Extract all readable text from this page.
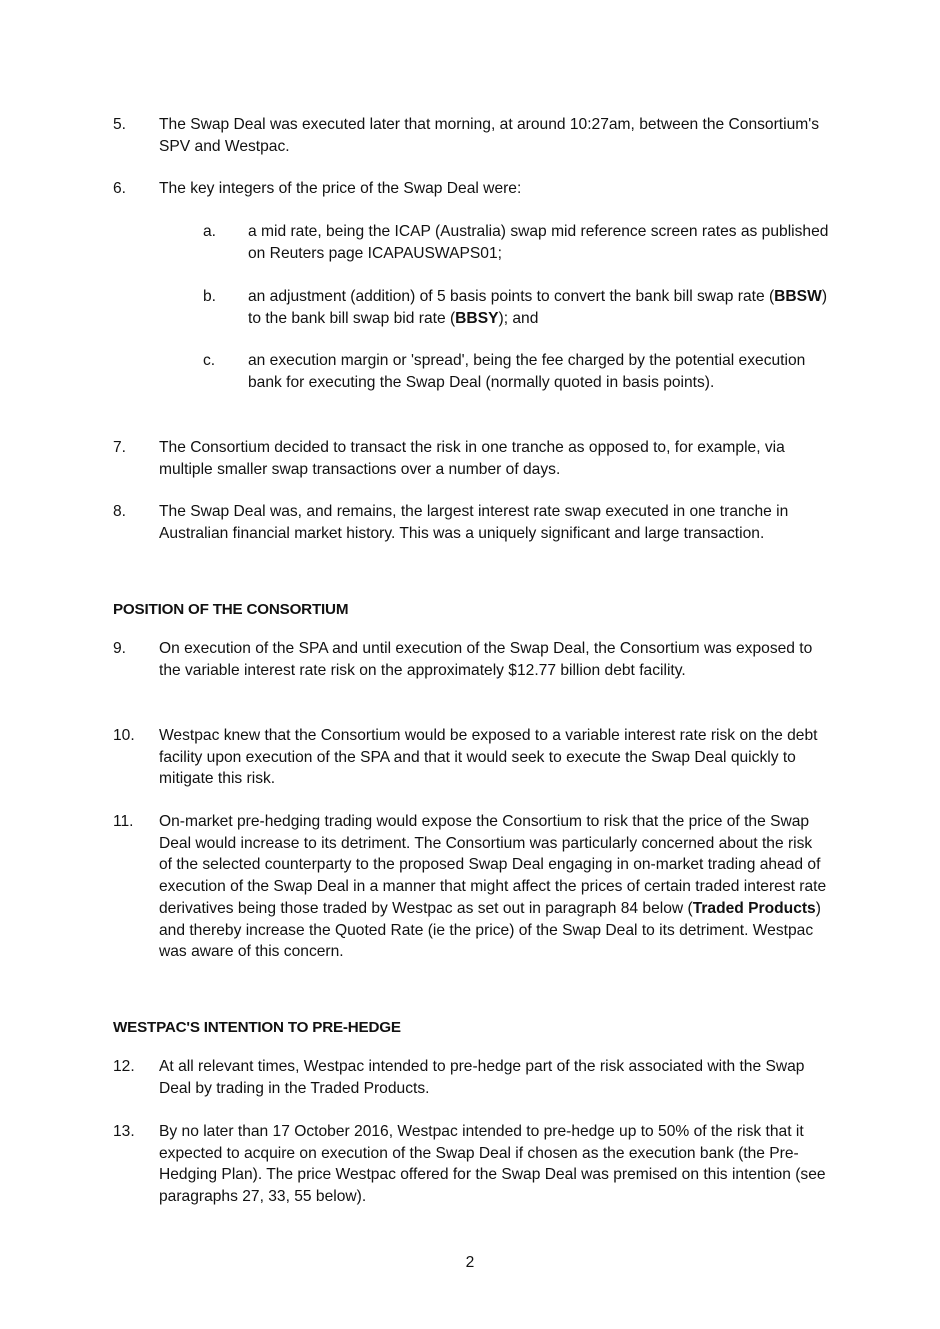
5. The Swap Deal was executed later that morning, at around 10:27am, between the Consortium's SPV and Westpac.
6. The key integers of the price of the Swap Deal were:
a. a mid rate, being the ICAP (Australia) swap mid reference screen rates as published on Reuters page ICAPAUSWAPS01;
b. an adjustment (addition) of 5 basis points to convert the bank bill swap rate (BBSW) to the bank bill swap bid rate (BBSY); and
c. an execution margin or 'spread', being the fee charged by the potential execution bank for executing the Swap Deal (normally quoted in basis points).
7. The Consortium decided to transact the risk in one tranche as opposed to, for example, via multiple smaller swap transactions over a number of days.
8. The Swap Deal was, and remains, the largest interest rate swap executed in one tranche in Australian financial market history. This was a uniquely significant and large transaction.
POSITION OF THE CONSORTIUM
9. On execution of the SPA and until execution of the Swap Deal, the Consortium was exposed to the variable interest rate risk on the approximately $12.77 billion debt facility.
10. Westpac knew that the Consortium would be exposed to a variable interest rate risk on the debt facility upon execution of the SPA and that it would seek to execute the Swap Deal quickly to mitigate this risk.
11. On-market pre-hedging trading would expose the Consortium to risk that the price of the Swap Deal would increase to its detriment. The Consortium was particularly concerned about the risk of the selected counterparty to the proposed Swap Deal engaging in on-market trading ahead of execution of the Swap Deal in a manner that might affect the prices of certain traded interest rate derivatives being those traded by Westpac as set out in paragraph 84 below (Traded Products) and thereby increase the Quoted Rate (ie the price) of the Swap Deal to its detriment. Westpac was aware of this concern.
WESTPAC'S INTENTION TO PRE-HEDGE
12. At all relevant times, Westpac intended to pre-hedge part of the risk associated with the Swap Deal by trading in the Traded Products.
13. By no later than 17 October 2016, Westpac intended to pre-hedge up to 50% of the risk that it expected to acquire on execution of the Swap Deal if chosen as the execution bank (the Pre-Hedging Plan). The price Westpac offered for the Swap Deal was premised on this intention (see paragraphs 27, 33, 55 below).
2
